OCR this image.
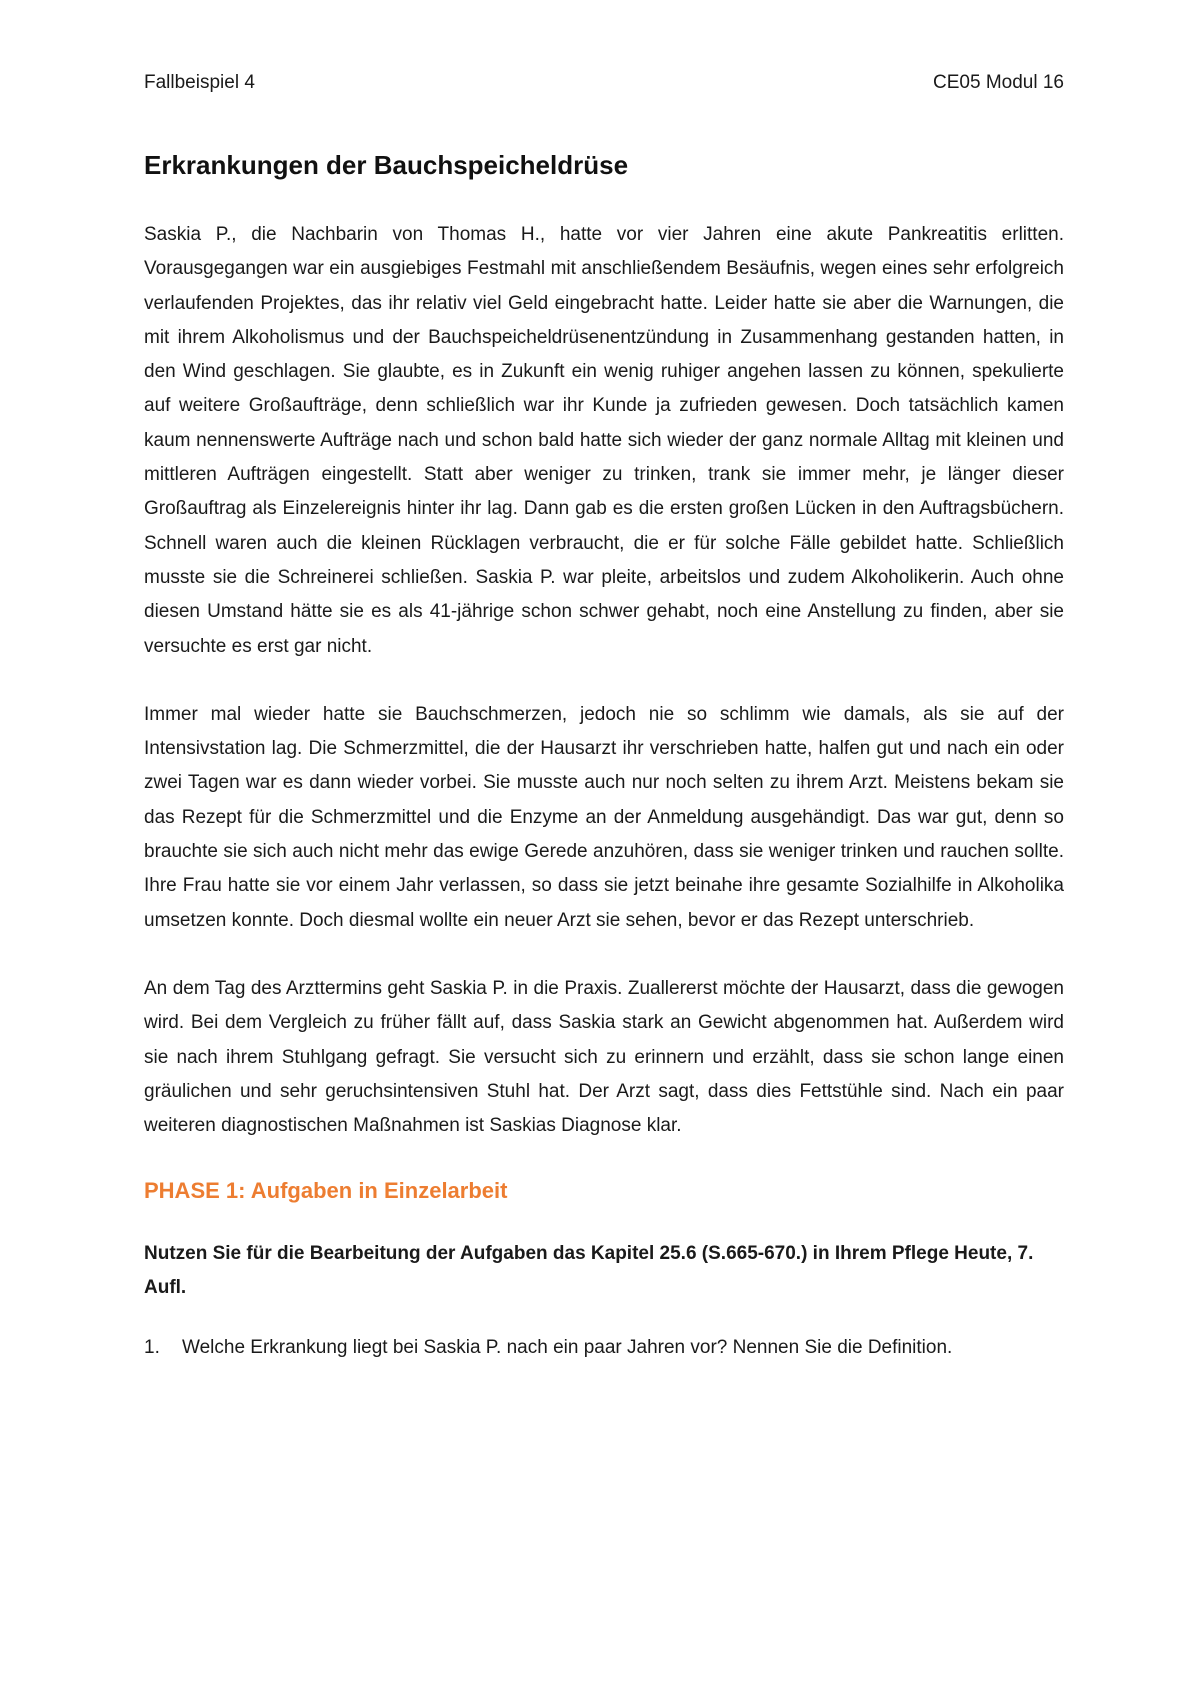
Fallbeispiel 4	CE05 Modul 16
Erkrankungen der Bauchspeicheldrüse

Saskia P., die Nachbarin von Thomas H., hatte vor vier Jahren eine akute Pankreatitis erlitten. Vorausgegangen war ein ausgiebiges Festmahl mit anschließendem Besäufnis, wegen eines sehr erfolgreich verlaufenden Projektes, das ihr relativ viel Geld eingebracht hatte. Leider hatte sie aber die Warnungen, die mit ihrem Alkoholismus und der Bauchspeicheldrüsenentzündung in Zusammenhang gestanden hatten, in den Wind geschlagen. Sie glaubte, es in Zukunft ein wenig ruhiger angehen lassen zu können, spekulierte auf weitere Großaufträge, denn schließlich war ihr Kunde ja zufrieden gewesen. Doch tatsächlich kamen kaum nennenswerte Aufträge nach und schon bald hatte sich wieder der ganz normale Alltag mit kleinen und mittleren Aufträgen eingestellt. Statt aber weniger zu trinken, trank sie immer mehr, je länger dieser Großauftrag als Einzelereignis hinter ihr lag. Dann gab es die ersten großen Lücken in den Auftragsbüchern. Schnell waren auch die kleinen Rücklagen verbraucht, die er für solche Fälle gebildet hatte. Schließlich musste sie die Schreinerei schließen. Saskia P. war pleite, arbeitslos und zudem Alkoholikerin. Auch ohne diesen Umstand hätte sie es als 41-jährige schon schwer gehabt, noch eine Anstellung zu finden, aber sie versuchte es erst gar nicht.

Immer mal wieder hatte sie Bauchschmerzen, jedoch nie so schlimm wie damals, als sie auf der Intensivstation lag. Die Schmerzmittel, die der Hausarzt ihr verschrieben hatte, halfen gut und nach ein oder zwei Tagen war es dann wieder vorbei. Sie musste auch nur noch selten zu ihrem Arzt. Meistens bekam sie das Rezept für die Schmerzmittel und die Enzyme an der Anmeldung ausgehändigt. Das war gut, denn so brauchte sie sich auch nicht mehr das ewige Gerede anzuhören, dass sie weniger trinken und rauchen sollte. Ihre Frau hatte sie vor einem Jahr verlassen, so dass sie jetzt beinahe ihre gesamte Sozialhilfe in Alkoholika umsetzen konnte. Doch diesmal wollte ein neuer Arzt sie sehen, bevor er das Rezept unterschrieb.

An dem Tag des Arzttermins geht Saskia P. in die Praxis. Zuallererst möchte der Hausarzt, dass die gewogen wird. Bei dem Vergleich zu früher fällt auf, dass Saskia stark an Gewicht abgenommen hat. Außerdem wird sie nach ihrem Stuhlgang gefragt. Sie versucht sich zu erinnern und erzählt, dass sie schon lange einen gräulichen und sehr geruchsintensiven Stuhl hat. Der Arzt sagt, dass dies Fettstühle sind. Nach ein paar weiteren diagnostischen Maßnahmen ist Saskias Diagnose klar.

PHASE 1: Aufgaben in Einzelarbeit

Nutzen Sie für die Bearbeitung der Aufgaben das Kapitel 25.6 (S.665-670.) in Ihrem Pflege Heute, 7. Aufl.

1.	Welche Erkrankung liegt bei Saskia P. nach ein paar Jahren vor? Nennen Sie die Definition.
